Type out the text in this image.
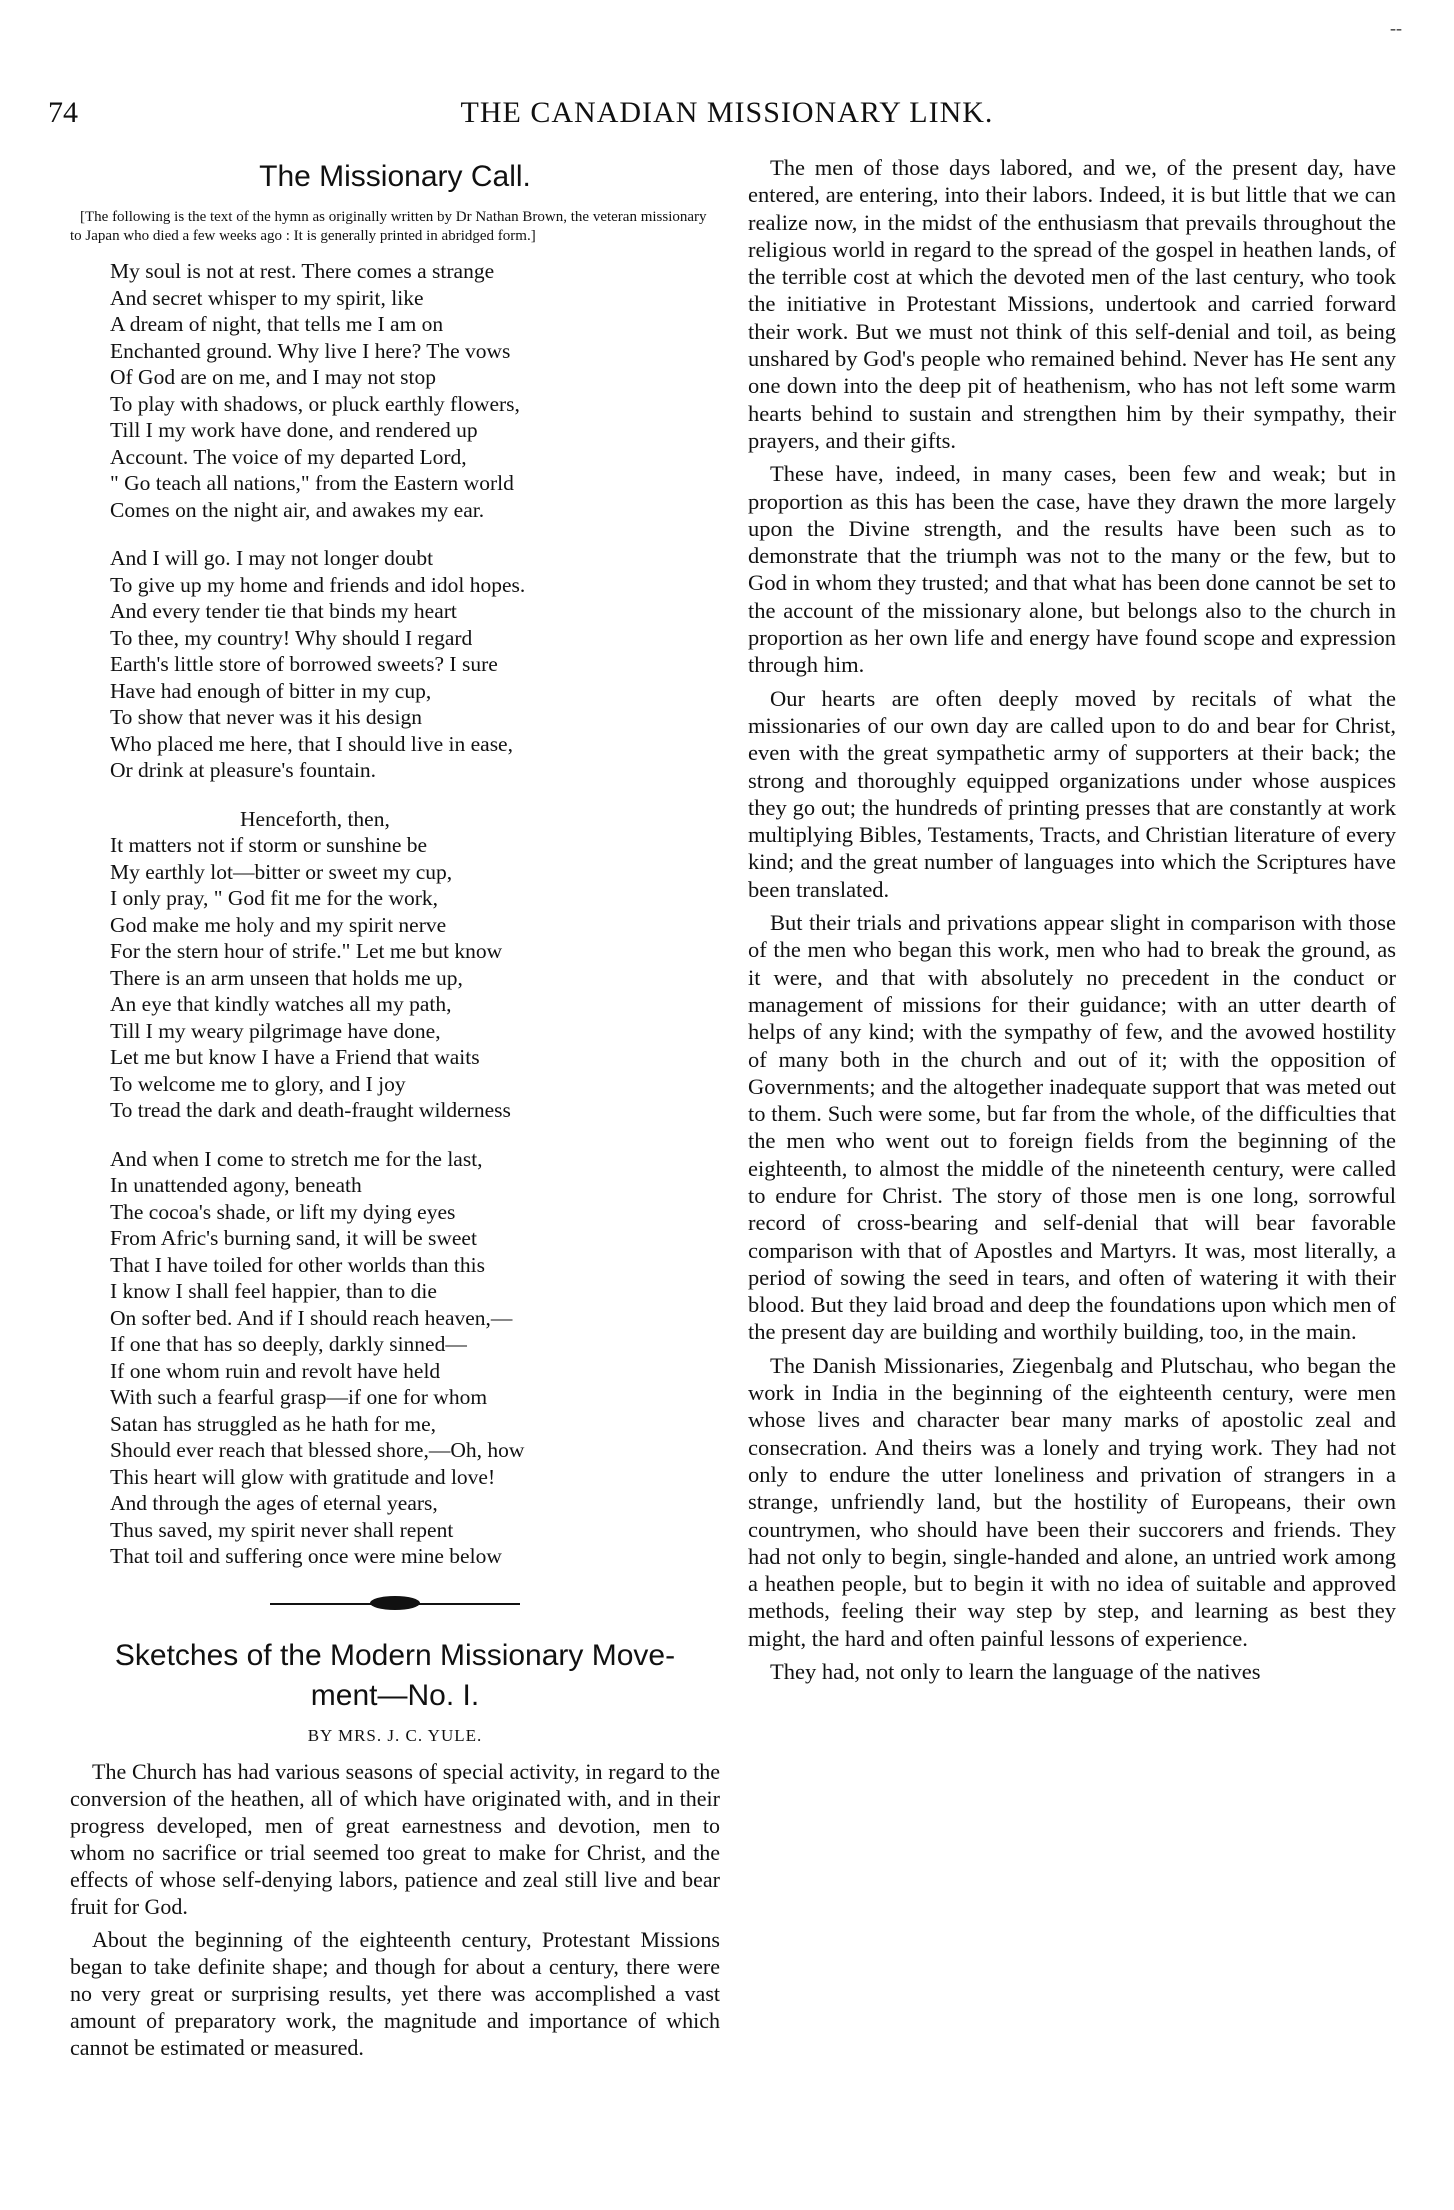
--
74	THE CANADIAN MISSIONARY LINK.
The Missionary Call.
[The following is the text of the hymn as originally written by Dr Nathan Brown, the veteran missionary to Japan who died a few weeks ago : It is generally printed in abridged form.]
My soul is not at rest. There comes a strange
And secret whisper to my spirit, like
A dream of night, that tells me I am on
Enchanted ground. Why live I here? The vows
Of God are on me, and I may not stop
To play with shadows, or pluck earthly flowers,
Till I my work have done, and rendered up
Account. The voice of my departed Lord,
" Go teach all nations," from the Eastern world
Comes on the night air, and awakes my ear.
And I will go. I may not longer doubt
To give up my home and friends and idol hopes.
And every tender tie that binds my heart
To thee, my country! Why should I regard
Earth's little store of borrowed sweets? I sure
Have had enough of bitter in my cup,
To show that never was it his design
Who placed me here, that I should live in ease,
Or drink at pleasure's fountain.
Henceforth, then,
It matters not if storm or sunshine be
My earthly lot—bitter or sweet my cup,
I only pray, " God fit me for the work,
God make me holy and my spirit nerve
For the stern hour of strife." Let me but know
There is an arm unseen that holds me up,
An eye that kindly watches all my path,
Till I my weary pilgrimage have done,
Let me but know I have a Friend that waits
To welcome me to glory, and I joy
To tread the dark and death-fraught wilderness
And when I come to stretch me for the last,
In unattended agony, beneath
The cocoa's shade, or lift my dying eyes
From Afric's burning sand, it will be sweet
That I have toiled for other worlds than this
I know I shall feel happier, than to die
On softer bed. And if I should reach heaven,—
If one that has so deeply, darkly sinned—
If one whom ruin and revolt have held
With such a fearful grasp—if one for whom
Satan has struggled as he hath for me,
Should ever reach that blessed shore,—Oh, how
This heart will glow with gratitude and love!
And through the ages of eternal years,
Thus saved, my spirit never shall repent
That toil and suffering once were mine below
Sketches of the Modern Missionary Move-
ment—No. I.
BY MRS. J. C. YULE.

The Church has had various seasons of special activity, in regard to the conversion of the heathen, all of which have originated with, and in their progress developed, men of great earnestness and devotion, men to whom no sacrifice or trial seemed too great to make for Christ, and the effects of whose self-denying labors, patience and zeal still live and bear fruit for God.

About the beginning of the eighteenth century, Protestant Missions began to take definite shape; and though for about a century, there were no very great or surprising results, yet there was accomplished a vast amount of preparatory work, the magnitude and importance of which cannot be estimated or measured.

The men of those days labored, and we, of the present day, have entered, are entering, into their labors. Indeed, it is but little that we can realize now, in the midst of the enthusiasm that prevails throughout the religious world in regard to the spread of the gospel in heathen lands, of the terrible cost at which the devoted men of the last century, who took the initiative in Protestant Missions, undertook and carried forward their work. But we must not think of this self-denial and toil, as being unshared by God's people who remained behind. Never has He sent any one down into the deep pit of heathenism, who has not left some warm hearts behind to sustain and strengthen him by their sympathy, their prayers, and their gifts.

These have, indeed, in many cases, been few and weak; but in proportion as this has been the case, have they drawn the more largely upon the Divine strength, and the results have been such as to demonstrate that the triumph was not to the many or the few, but to God in whom they trusted; and that what has been done cannot be set to the account of the missionary alone, but belongs also to the church in proportion as her own life and energy have found scope and expression through him.

Our hearts are often deeply moved by recitals of what the missionaries of our own day are called upon to do and bear for Christ, even with the great sympathetic army of supporters at their back; the strong and thoroughly equipped organizations under whose auspices they go out; the hundreds of printing presses that are constantly at work multiplying Bibles, Testaments, Tracts, and Christian literature of every kind; and the great number of languages into which the Scriptures have been translated.

But their trials and privations appear slight in comparison with those of the men who began this work, men who had to break the ground, as it were, and that with absolutely no precedent in the conduct or management of missions for their guidance; with an utter dearth of helps of any kind; with the sympathy of few, and the avowed hostility of many both in the church and out of it; with the opposition of Governments; and the altogether inadequate support that was meted out to them. Such were some, but far from the whole, of the difficulties that the men who went out to foreign fields from the beginning of the eighteenth, to almost the middle of the nineteenth century, were called to endure for Christ. The story of those men is one long, sorrowful record of cross-bearing and self-denial that will bear favorable comparison with that of Apostles and Martyrs. It was, most literally, a period of sowing the seed in tears, and often of watering it with their blood. But they laid broad and deep the foundations upon which men of the present day are building and worthily building, too, in the main.

The Danish Missionaries, Ziegenbalg and Plutschau, who began the work in India in the beginning of the eighteenth century, were men whose lives and character bear many marks of apostolic zeal and consecration. And theirs was a lonely and trying work. They had not only to endure the utter loneliness and privation of strangers in a strange, unfriendly land, but the hostility of Europeans, their own countrymen, who should have been their succorers and friends. They had not only to begin, single-handed and alone, an untried work among a heathen people, but to begin it with no idea of suitable and approved methods, feeling their way step by step, and learning as best they might, the hard and often painful lessons of experience.

They had, not only to learn the language of the natives
